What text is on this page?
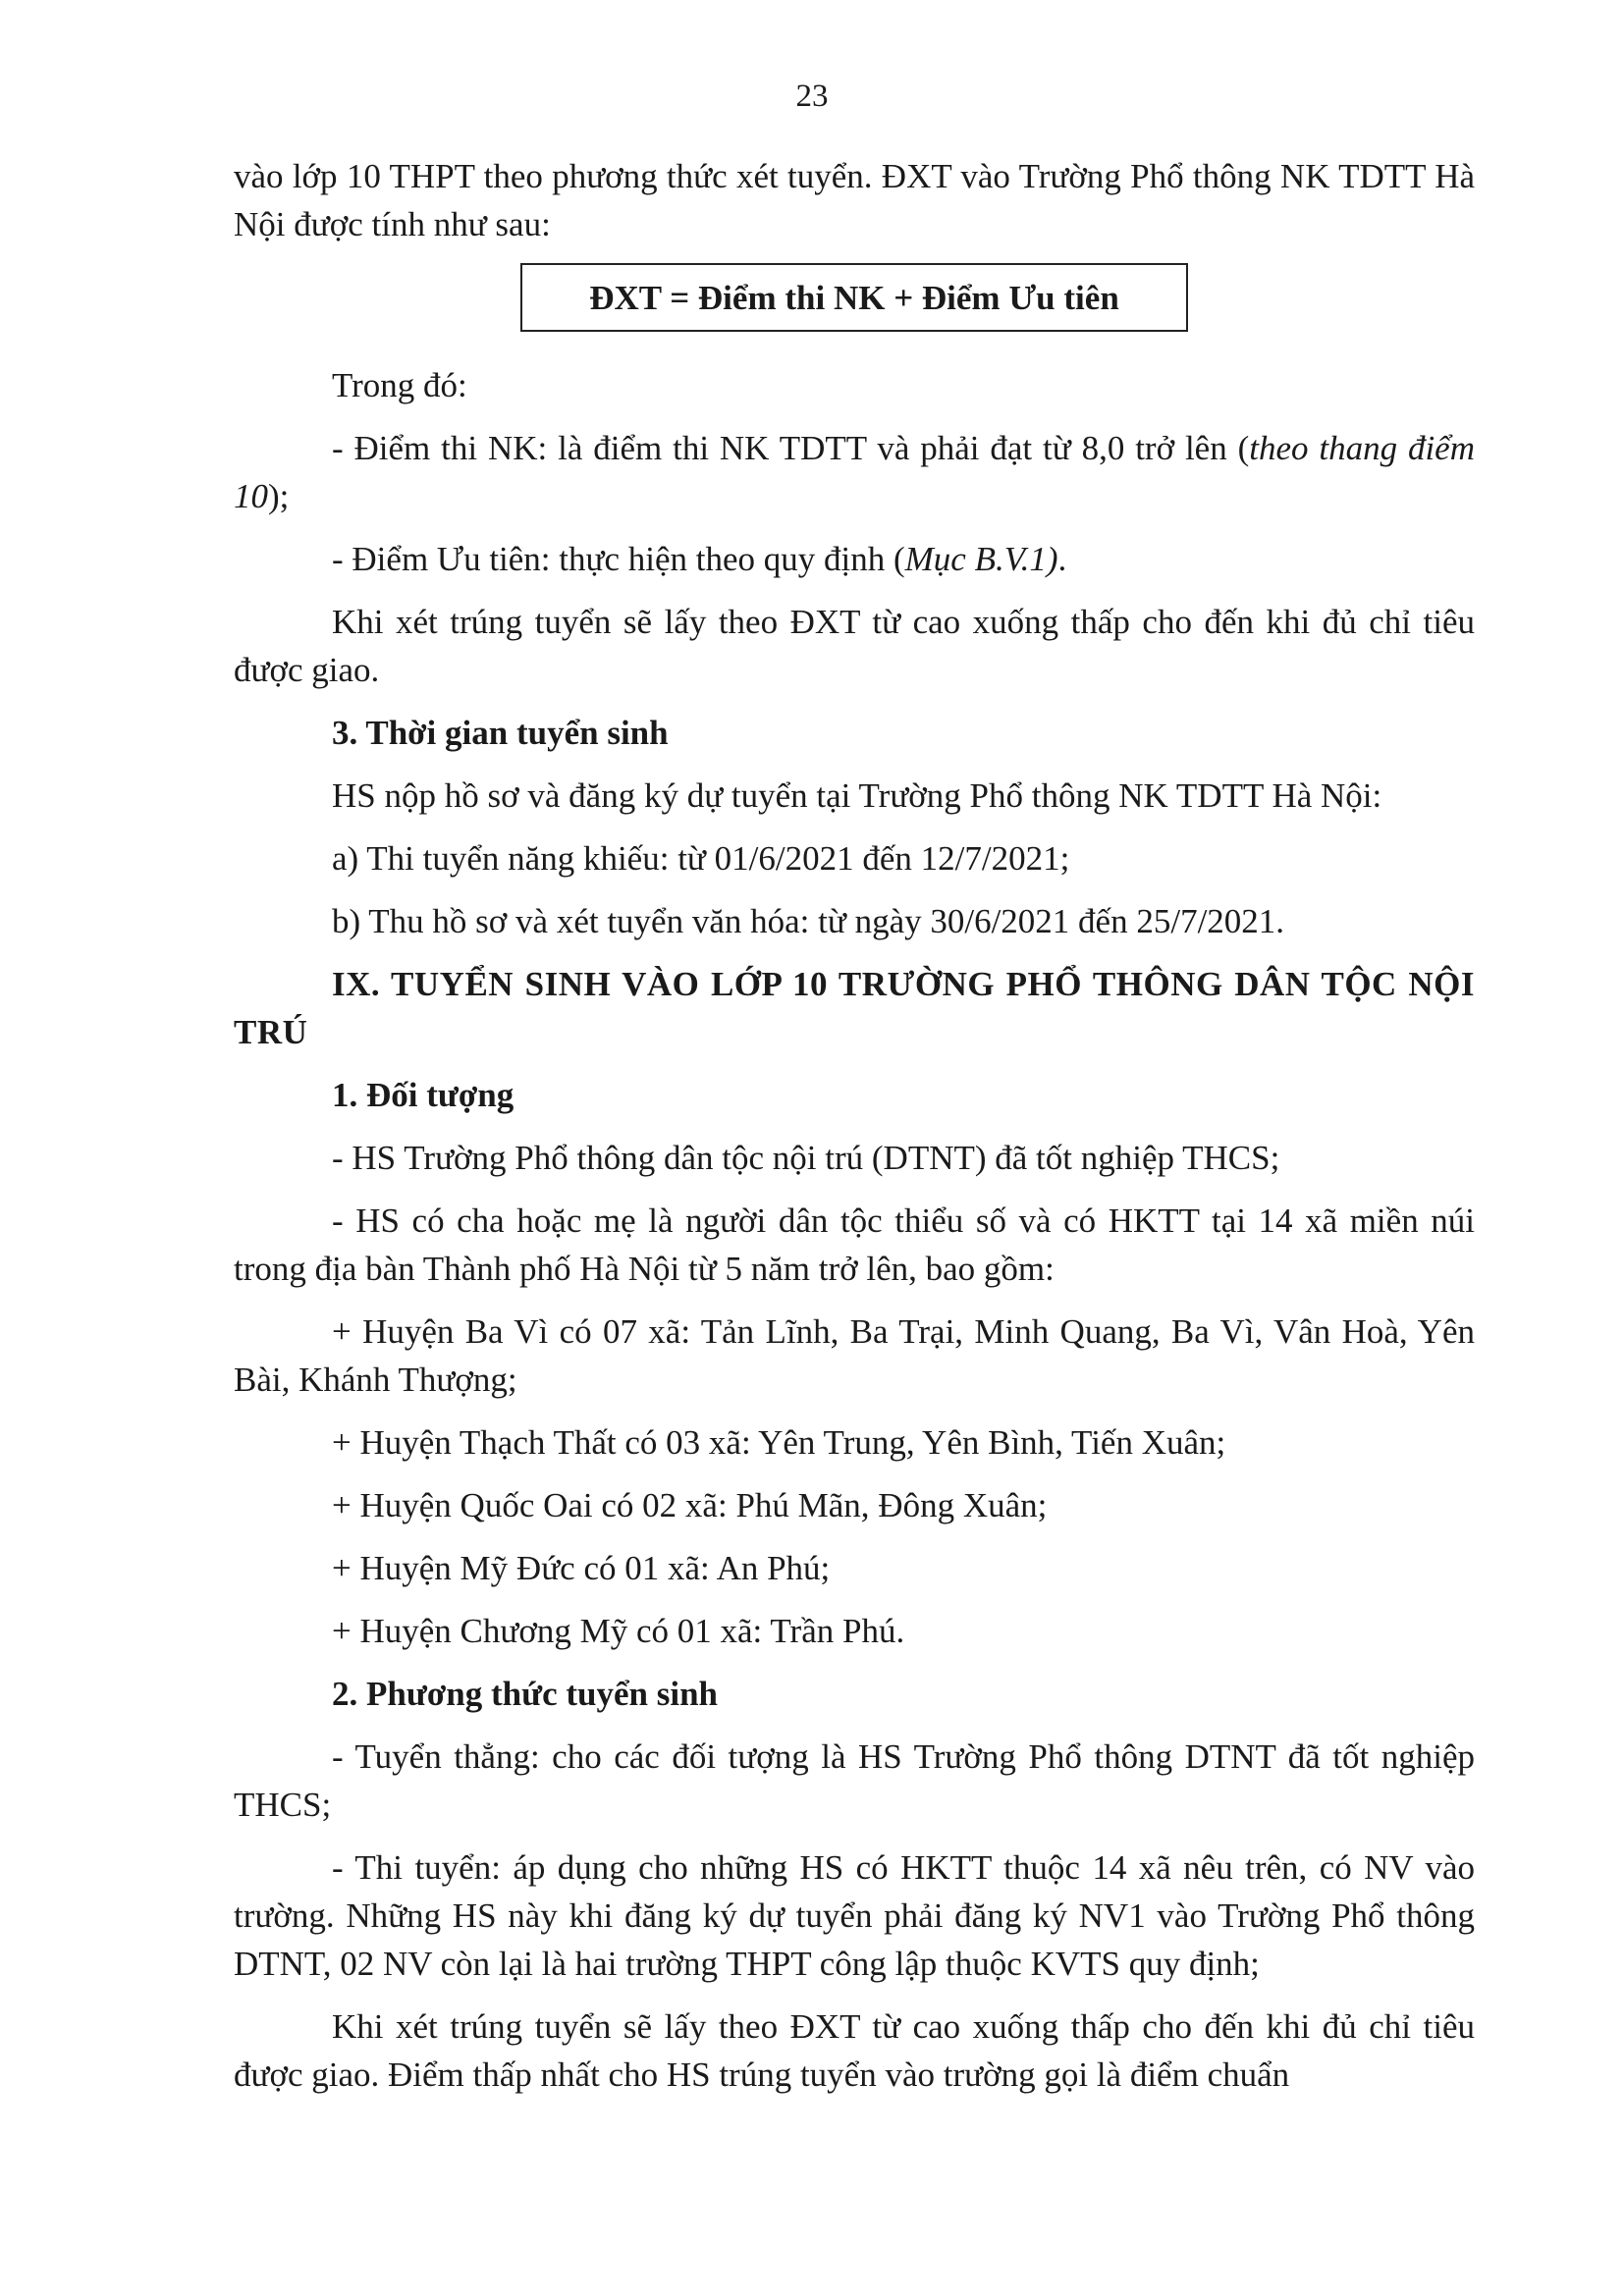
23

vào lớp 10 THPT theo phương thức xét tuyển. ĐXT vào Trường Phổ thông NK TDTT Hà Nội được tính như sau:

ĐXT = Điểm thi NK + Điểm Ưu tiên

Trong đó:

- Điểm thi NK: là điểm thi NK TDTT và phải đạt từ 8,0 trở lên (theo thang điểm 10);

- Điểm Ưu tiên: thực hiện theo quy định (Mục B.V.1).

Khi xét trúng tuyển sẽ lấy theo ĐXT từ cao xuống thấp cho đến khi đủ chỉ tiêu được giao.

3. Thời gian tuyển sinh

HS nộp hồ sơ và đăng ký dự tuyển tại Trường Phổ thông NK TDTT Hà Nội:

a) Thi tuyển năng khiếu: từ 01/6/2021 đến 12/7/2021;

b) Thu hồ sơ và xét tuyển văn hóa: từ ngày 30/6/2021 đến 25/7/2021.

IX. TUYỂN SINH VÀO LỚP 10 TRƯỜNG PHỔ THÔNG DÂN TỘC NỘI TRÚ

1. Đối tượng

- HS Trường Phổ thông dân tộc nội trú (DTNT) đã tốt nghiệp THCS;

- HS có cha hoặc mẹ là người dân tộc thiểu số và có HKTT tại 14 xã miền núi trong địa bàn Thành phố Hà Nội từ 5 năm trở lên, bao gồm:

+ Huyện Ba Vì có 07 xã: Tản Lĩnh, Ba Trại, Minh Quang, Ba Vì, Vân Hoà, Yên Bài, Khánh Thượng;

+ Huyện Thạch Thất có 03 xã: Yên Trung, Yên Bình, Tiến Xuân;

+ Huyện Quốc Oai có 02 xã: Phú Mãn, Đông Xuân;

+ Huyện Mỹ Đức có 01 xã: An Phú;

+ Huyện Chương Mỹ có 01 xã: Trần Phú.

2. Phương thức tuyển sinh

- Tuyển thẳng: cho các đối tượng là HS Trường Phổ thông DTNT đã tốt nghiệp THCS;

- Thi tuyển: áp dụng cho những HS có HKTT thuộc 14 xã nêu trên, có NV vào trường. Những HS này khi đăng ký dự tuyển phải đăng ký NV1 vào Trường Phổ thông DTNT, 02 NV còn lại là hai trường THPT công lập thuộc KVTS quy định;

Khi xét trúng tuyển sẽ lấy theo ĐXT từ cao xuống thấp cho đến khi đủ chỉ tiêu được giao. Điểm thấp nhất cho HS trúng tuyển vào trường gọi là điểm chuẩn
